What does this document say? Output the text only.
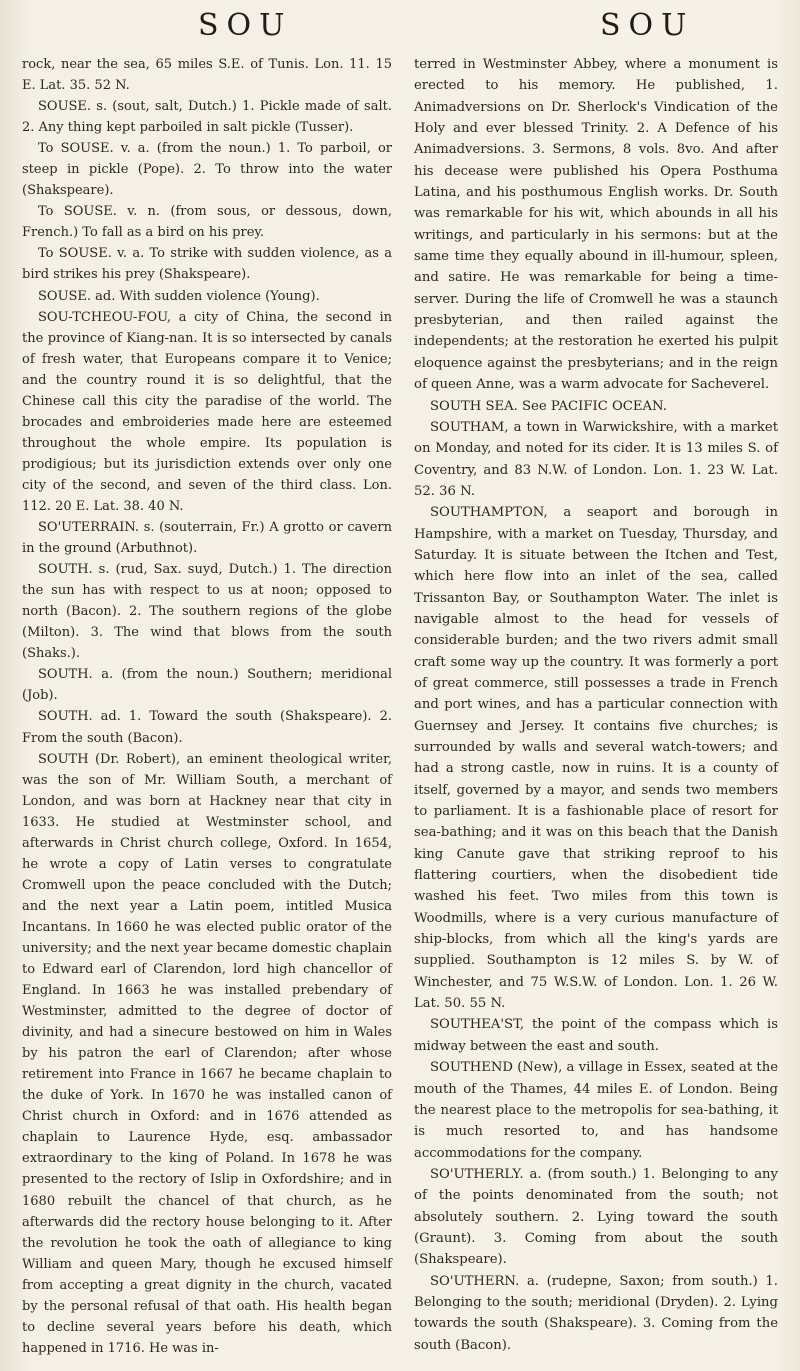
SOU	SOU

rock, near the sea, 65 miles S.E. of Tunis. Lon. 11. 15 E. Lat. 35. 52 N.

SOUSE. s. (sout, salt, Dutch.) 1. Pickle made of salt. 2. Any thing kept parboiled in salt pickle (Tusser).

To SOUSE. v. a. (from the noun.) 1. To parboil, or steep in pickle (Pope). 2. To throw into the water (Shakspeare).

To SOUSE. v. n. (from sous, or dessous, down, French.) To fall as a bird on his prey.

To SOUSE. v. a. To strike with sudden violence, as a bird strikes his prey (Shakspeare).

SOUSE. ad. With sudden violence (Young).

SOU-TCHEOU-FOU, a city of China, the second in the province of Kiang-nan. It is so intersected by canals of fresh water, that Europeans compare it to Venice; and the country round it is so delightful, that the Chinese call this city the paradise of the world. The brocades and embroideries made here are esteemed throughout the whole empire. Its population is prodigious; but its jurisdiction extends over only one city of the second, and seven of the third class. Lon. 112. 20 E. Lat. 38. 40 N.

SO'UTERRAIN. s. (souterrain, Fr.) A grotto or cavern in the ground (Arbuthnot).

SOUTH. s. (rud, Sax. suyd, Dutch.) 1. The direction the sun has with respect to us at noon; opposed to north (Bacon). 2. The southern regions of the globe (Milton). 3. The wind that blows from the south (Shaks.).

SOUTH. a. (from the noun.) Southern; meridional (Job).

SOUTH. ad. 1. Toward the south (Shakspeare). 2. From the south (Bacon).

SOUTH (Dr. Robert), an eminent theological writer, was the son of Mr. William South, a merchant of London, and was born at Hackney near that city in 1633. He studied at Westminster school, and afterwards in Christ church college, Oxford. In 1654, he wrote a copy of Latin verses to congratulate Cromwell upon the peace concluded with the Dutch; and the next year a Latin poem, intitled Musica Incantans. In 1660 he was elected public orator of the university; and the next year became domestic chaplain to Edward earl of Clarendon, lord high chancellor of England. In 1663 he was installed prebendary of Westminster, admitted to the degree of doctor of divinity, and had a sinecure bestowed on him in Wales by his patron the earl of Clarendon; after whose retirement into France in 1667 he became chaplain to the duke of York. In 1670 he was installed canon of Christ church in Oxford: and in 1676 attended as chaplain to Laurence Hyde, esq. ambassador extraordinary to the king of Poland. In 1678 he was presented to the rectory of Islip in Oxfordshire; and in 1680 rebuilt the chancel of that church, as he afterwards did the rectory house belonging to it. After the revolution he took the oath of allegiance to king William and queen Mary, though he excused himself from accepting a great dignity in the church, vacated by the personal refusal of that oath. His health began to decline several years before his death, which happened in 1716. He was in-

terred in Westminster Abbey, where a monument is erected to his memory. He published, 1. Animadversions on Dr. Sherlock's Vindication of the Holy and ever blessed Trinity. 2. A Defence of his Animadversions. 3. Sermons, 8 vols. 8vo. And after his decease were published his Opera Posthuma Latina, and his posthumous English works. Dr. South was remarkable for his wit, which abounds in all his writings, and particularly in his sermons: but at the same time they equally abound in ill-humour, spleen, and satire. He was remarkable for being a time-server. During the life of Cromwell he was a staunch presbyterian, and then railed against the independents; at the restoration he exerted his pulpit eloquence against the presbyterians; and in the reign of queen Anne, was a warm advocate for Sacheverel.

SOUTH SEA. See PACIFIC OCEAN.

SOUTHAM, a town in Warwickshire, with a market on Monday, and noted for its cider. It is 13 miles S. of Coventry, and 83 N.W. of London. Lon. 1. 23 W. Lat. 52. 36 N.

SOUTHAMPTON, a seaport and borough in Hampshire, with a market on Tuesday, Thursday, and Saturday. It is situate between the Itchen and Test, which here flow into an inlet of the sea, called Trissanton Bay, or Southampton Water. The inlet is navigable almost to the head for vessels of considerable burden; and the two rivers admit small craft some way up the country. It was formerly a port of great commerce, still possesses a trade in French and port wines, and has a particular connection with Guernsey and Jersey. It contains five churches; is surrounded by walls and several watch-towers; and had a strong castle, now in ruins. It is a county of itself, governed by a mayor, and sends two members to parliament. It is a fashionable place of resort for sea-bathing; and it was on this beach that the Danish king Canute gave that striking reproof to his flattering courtiers, when the disobedient tide washed his feet. Two miles from this town is Woodmills, where is a very curious manufacture of ship-blocks, from which all the king's yards are supplied. Southampton is 12 miles S. by W. of Winchester, and 75 W.S.W. of London. Lon. 1. 26 W. Lat. 50. 55 N.

SOUTHEA'ST, the point of the compass which is midway between the east and south.

SOUTHEND (New), a village in Essex, seated at the mouth of the Thames, 44 miles E. of London. Being the nearest place to the metropolis for sea-bathing, it is much resorted to, and has handsome accommodations for the company.

SO'UTHERLY. a. (from south.) 1. Belonging to any of the points denominated from the south; not absolutely southern. 2. Lying toward the south (Graunt). 3. Coming from about the south (Shakspeare).

SO'UTHERN. a. (rudepne, Saxon; from south.) 1. Belonging to the south; meridional (Dryden). 2. Lying towards the south (Shakspeare). 3. Coming from the south (Bacon).
